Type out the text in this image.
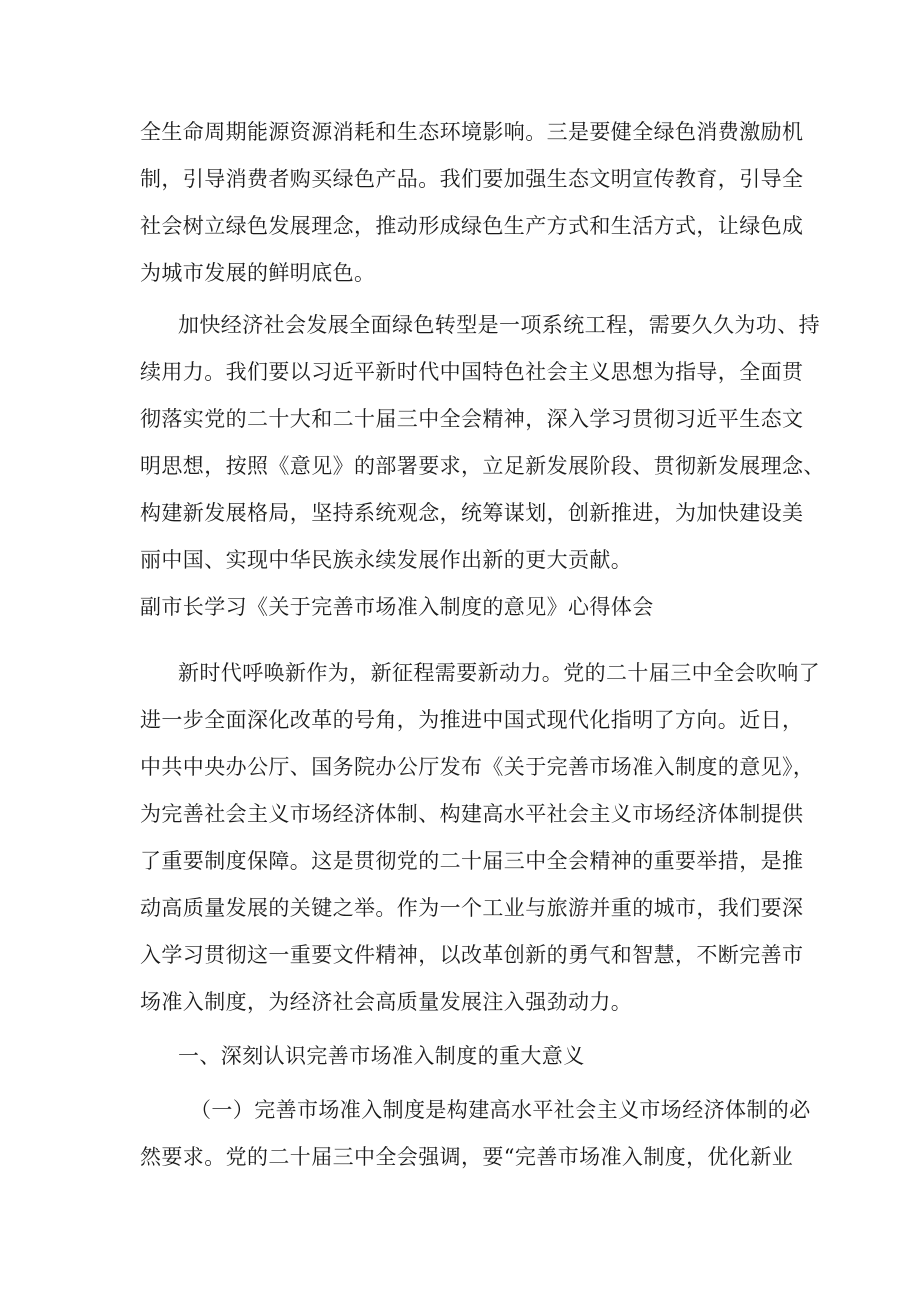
全生命周期能源资源消耗和生态环境影响。三是要健全绿色消费激励机
制，引导消费者购买绿色产品。我们要加强生态文明宣传教育，引导全
社会树立绿色发展理念，推动形成绿色生产方式和生活方式，让绿色成
为城市发展的鲜明底色。
加快经济社会发展全面绿色转型是一项系统工程，需要久久为功、持
续用力。我们要以习近平新时代中国特色社会主义思想为指导，全面贯
彻落实党的二十大和二十届三中全会精神，深入学习贯彻习近平生态文
明思想，按照《意见》的部署要求，立足新发展阶段、贯彻新发展理念、
构建新发展格局，坚持系统观念，统筹谋划，创新推进，为加快建设美
丽中国、实现中华民族永续发展作出新的更大贡献。
副市长学习《关于完善市场准入制度的意见》心得体会
新时代呼唤新作为，新征程需要新动力。党的二十届三中全会吹响了
进一步全面深化改革的号角，为推进中国式现代化指明了方向。近日，
中共中央办公厅、国务院办公厅发布《关于完善市场准入制度的意见》，
为完善社会主义市场经济体制、构建高水平社会主义市场经济体制提供
了重要制度保障。这是贯彻党的二十届三中全会精神的重要举措，是推
动高质量发展的关键之举。作为一个工业与旅游并重的城市，我们要深
入学习贯彻这一重要文件精神，以改革创新的勇气和智慧，不断完善市
场准入制度，为经济社会高质量发展注入强劲动力。
一、深刻认识完善市场准入制度的重大意义
（一）完善市场准入制度是构建高水平社会主义市场经济体制的必
然要求。党的二十届三中全会强调，要“完善市场准入制度，优化新业
